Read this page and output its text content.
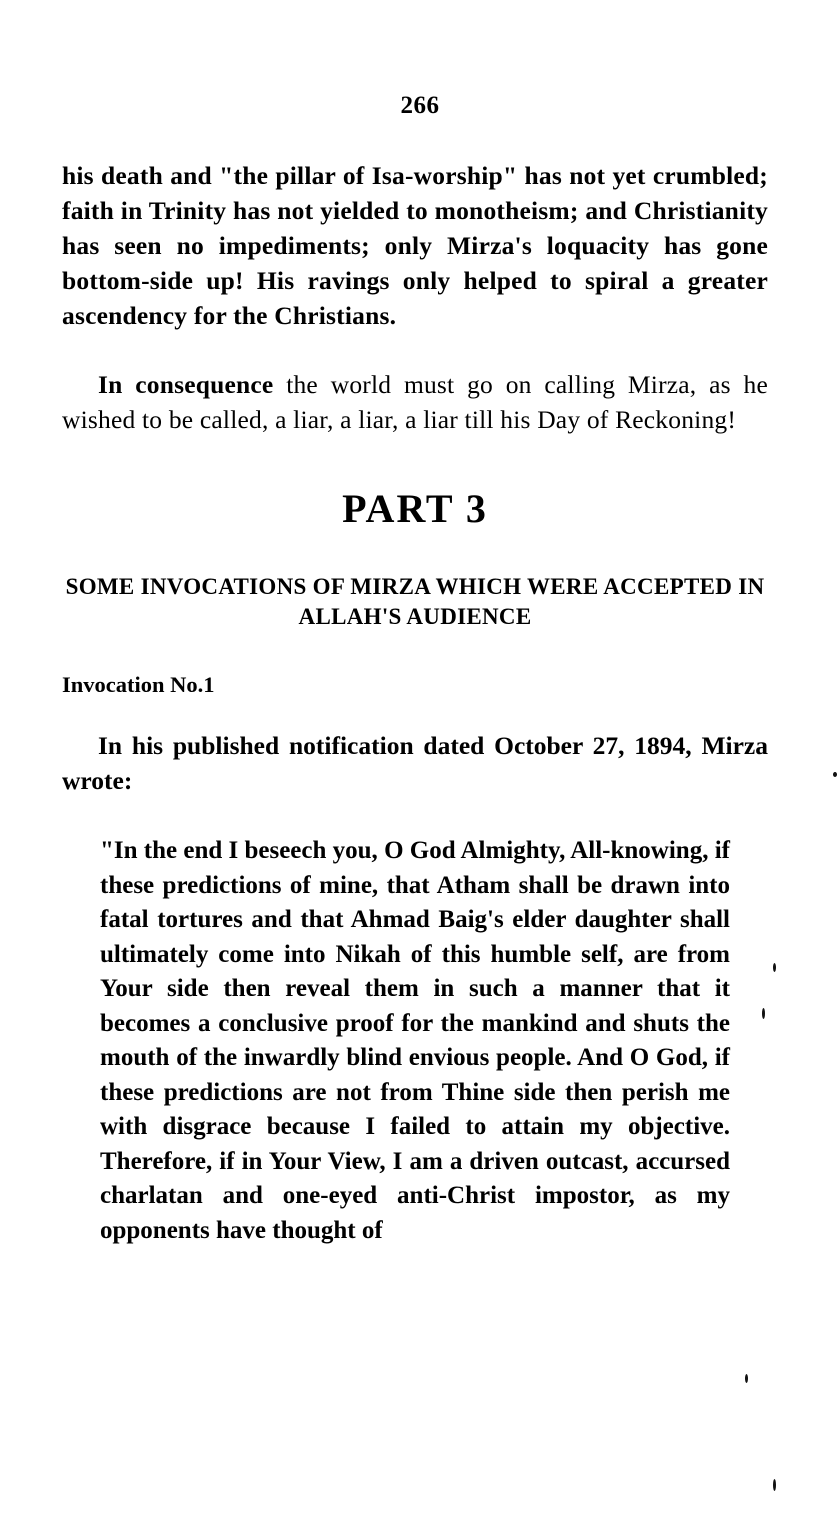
266

his death and "the pillar of Isa-worship" has not yet crumbled; faith in Trinity has not yielded to monotheism; and Christianity has seen no impediments; only Mirza's loquacity has gone bottom-side up! His ravings only helped to spiral a greater ascendency for the Christians.

In consequence the world must go on calling Mirza, as he wished to be called, a liar, a liar, a liar till his Day of Reckoning!

PART 3
SOME INVOCATIONS OF MIRZA WHICH WERE ACCEPTED IN ALLAH'S AUDIENCE
Invocation No.1

In his published notification dated October 27, 1894, Mirza wrote:

"In the end I beseech you, O God Almighty, All-knowing, if these predictions of mine, that Atham shall be drawn into fatal tortures and that Ahmad Baig's elder daughter shall ultimately come into Nikah of this humble self, are from Your side then reveal them in such a manner that it becomes a conclusive proof for the mankind and shuts the mouth of the inwardly blind envious people. And O God, if these predictions are not from Thine side then perish me with disgrace because I failed to attain my objective. Therefore, if in Your View, I am a driven outcast, accursed charlatan and one-eyed anti-Christ impostor, as my opponents have thought of
